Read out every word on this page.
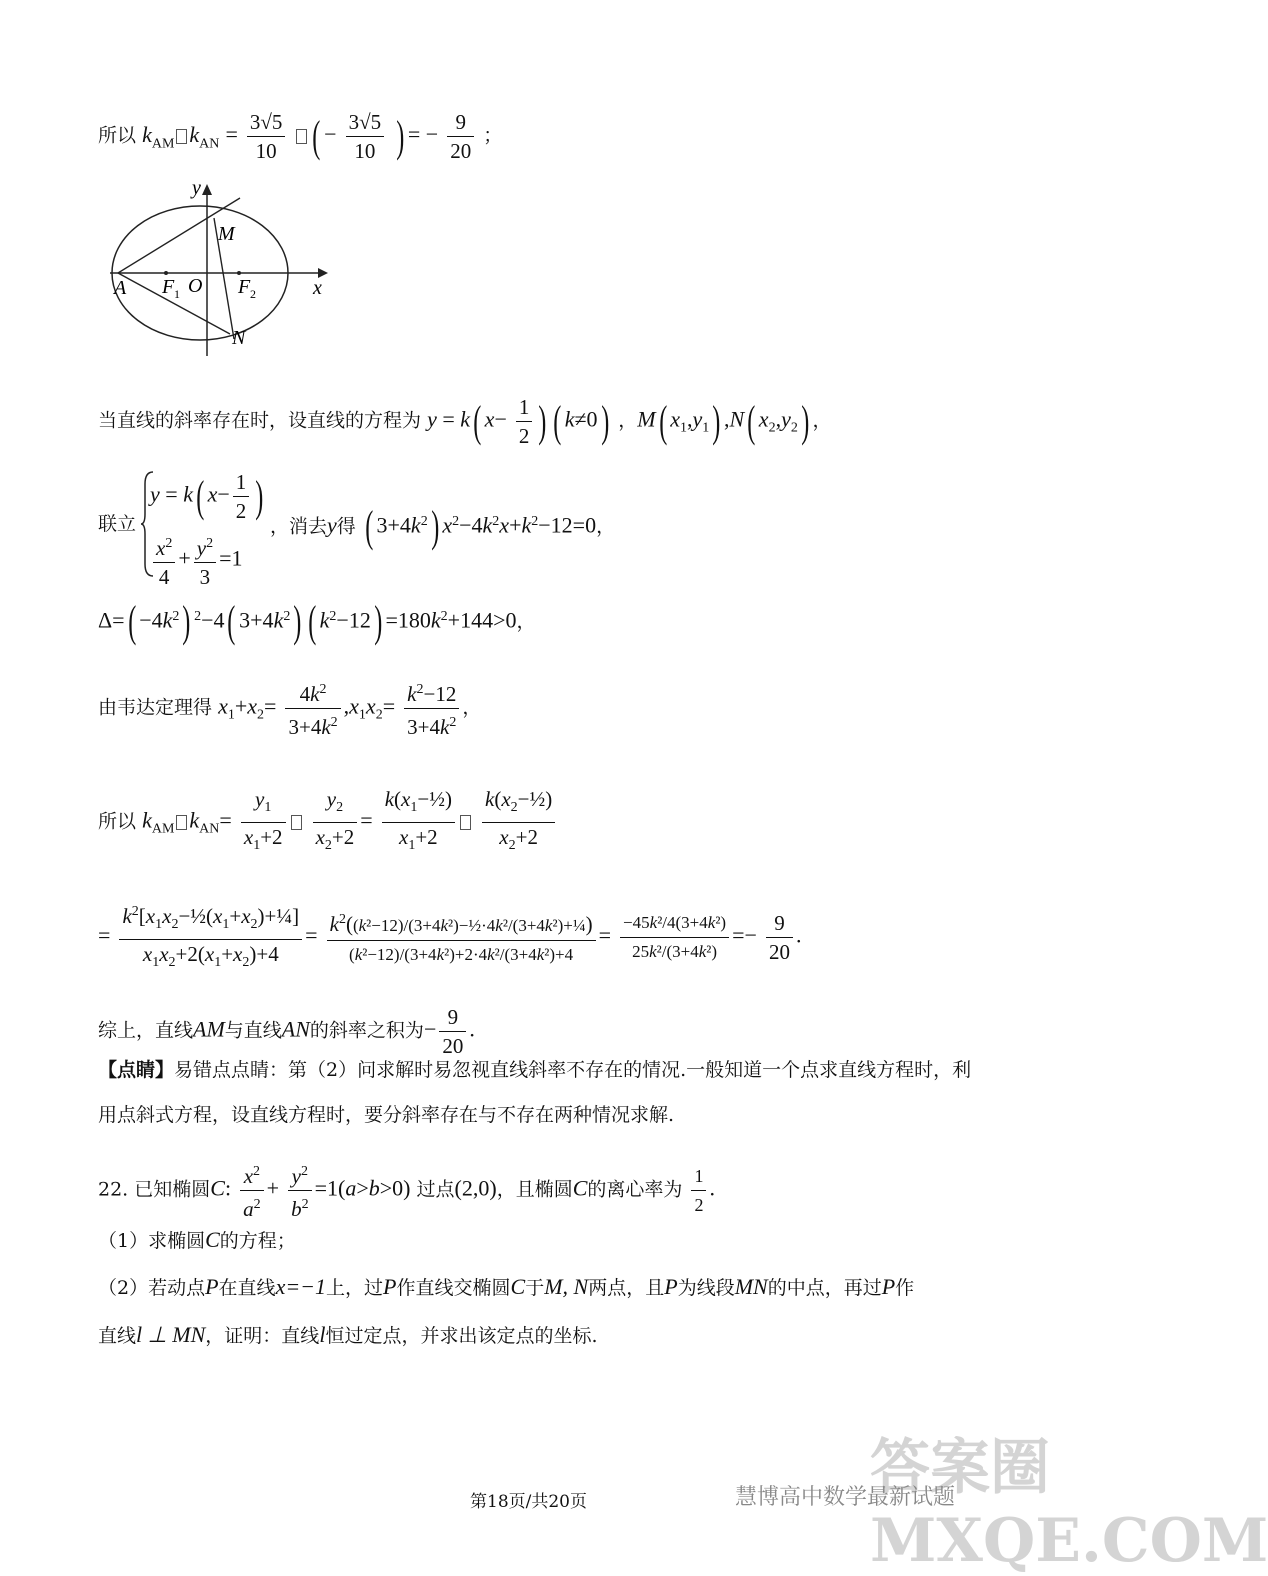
所以 $k_{AM}$ $k_{AN} = \frac{3√5}{10}$ ( − $\frac{3√5}{10}$ ) = − $\frac{9}{20}$ ；
y
x
A
M
N
F 1 O F 2
当直线的斜率存在时，设直线的方程为 y = k( $x- \frac{1}{2}$ ) ( k≠0) ，M( $x_1,y_1$) ,N( $x_2,y_2$) ，
联立
y = k( $x- \frac{1}{2}$ )
$\frac{x^2}{4} + \frac{y^2}{3} =1$
，消去y得 ( $3+4k^2$) $x^2-4k^2x+k^2-12=0$，
$\Delta=( -4k^2)$ $^2$−4( $3+4k^2$) ( $k^2-12) =180k^2+144>0$，
由韦达定理得 $x_1+x_2= \frac{4k^2}{3+4k^2} ,x_1x_2= \frac{k^2-12}{3+4k^2}$ ，
所以 $k_{AM}$ $k_{AN}= \frac{y_1}{x_1+2}$
$\frac{y_2}{x_2+2} = \frac{k(x_1-\frac{1}{2})}{x_1+2}$
$\frac{k(x_2-\frac{1}{2})}{x_2+2}$
= $\frac{k^2[x_1x_2-\frac{1}{2}(x_1+x_2)+\frac{1}{4}]}{x_1x_2+2(x_1+x_2)+4} = \frac{k^2((k^2-12)/(3+4k^2)-\frac{1}{2}\cdot 4k^2/(3+4k^2)+\frac{1}{4})}{\text{(k²−12)/(3+4k²)+2·4k²/(3+4k²)+4}} = \frac{\text{−45k²/4(3+4k²)}}{\text{25k²/(3+4k²)}} =- \frac{9}{20}$ .
综上，直线AM与直线AN的斜率之积为− $\frac{9}{20}$ .
【点睛】易错点点睛：第（2）问求解时易忽视直线斜率不存在的情况.一般知道一个点求直线方程时，利
用点斜式方程，设直线方程时，要分斜率存在与不存在两种情况求解.
22. 已知椭圆C: $\frac{x^2}{a^2} + \frac{y^2}{b^2} =1(a>b>0)$ 过点(2,0)，且椭圆C的离心率为 $\frac{1}{2}$ .
（1）求椭圆C的方程；
（2）若动点P在直线x=−1上，过P作直线交椭圆C于M, N两点，且P为线段MN的中点，再过P作
直线l ⊥ MN，证明：直线l恒过定点，并求出该定点的坐标.
答案圈 MXQE.COM
慧博高中数学最新试题
第18页/共20页
